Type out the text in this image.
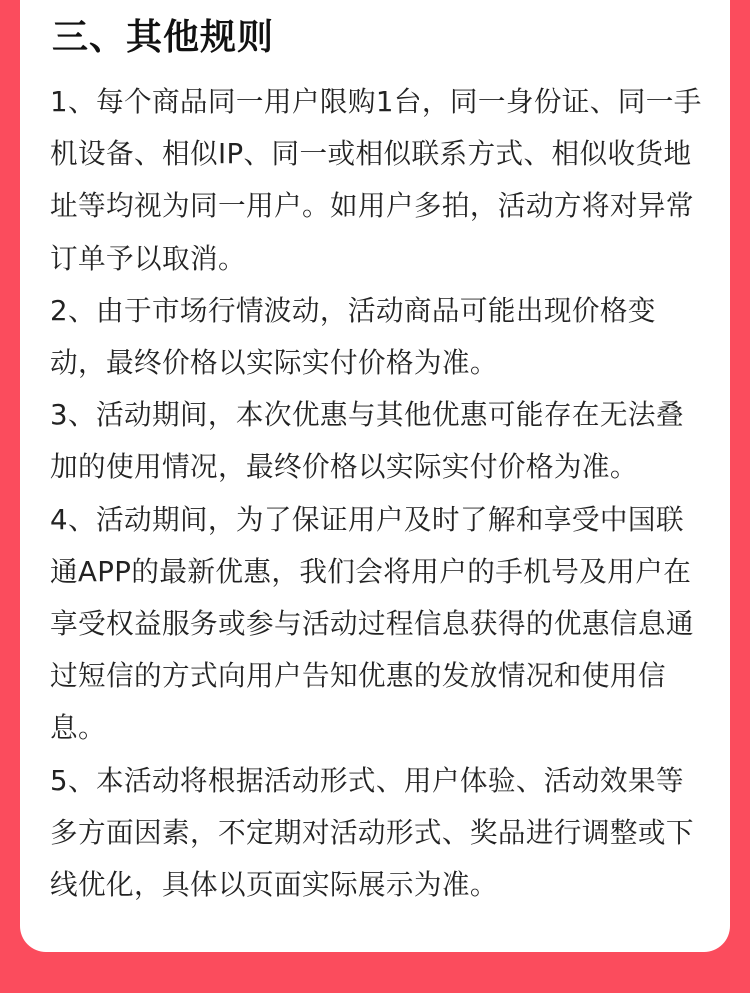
三、其他规则

1、每个商品同一用户限购1台，同一身份证、同一手机设备、相似IP、同一或相似联系方式、相似收货地址等均视为同一用户。如用户多拍，活动方将对异常订单予以取消。

2、由于市场行情波动，活动商品可能出现价格变动，最终价格以实际实付价格为准。

3、活动期间，本次优惠与其他优惠可能存在无法叠加的使用情况，最终价格以实际实付价格为准。

4、活动期间，为了保证用户及时了解和享受中国联通APP的最新优惠，我们会将用户的手机号及用户在享受权益服务或参与活动过程信息获得的优惠信息通过短信的方式向用户告知优惠的发放情况和使用信息。

5、本活动将根据活动形式、用户体验、活动效果等多方面因素，不定期对活动形式、奖品进行调整或下线优化，具体以页面实际展示为准。
